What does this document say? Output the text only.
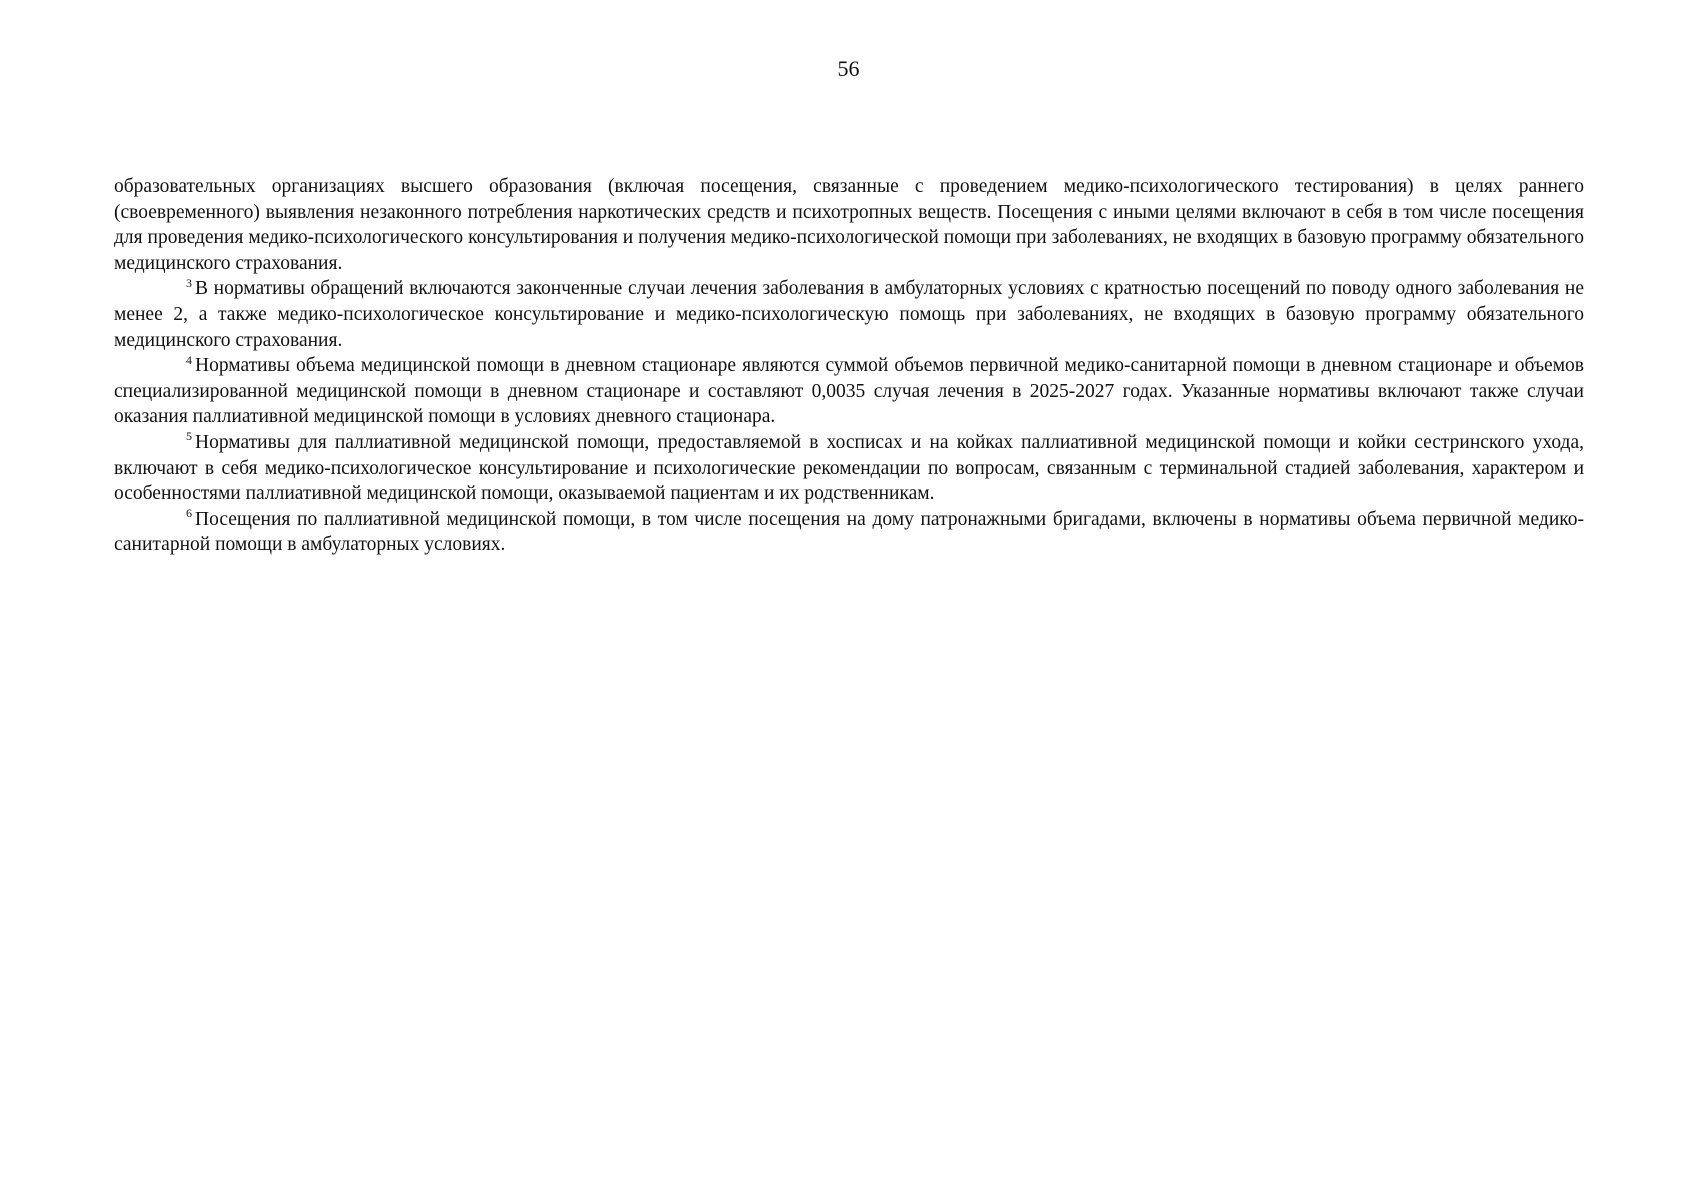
56

образовательных организациях высшего образования (включая посещения, связанные с проведением медико-психологического тестирования) в целях раннего (своевременного) выявления незаконного потребления наркотических средств и психотропных веществ. Посещения с иными целями включают в себя в том числе посещения для проведения медико-психологического консультирования и получения медико-психологической помощи при заболеваниях, не входящих в базовую программу обязательного медицинского страхования.

$^3$ В нормативы обращений включаются законченные случаи лечения заболевания в амбулаторных условиях с кратностью посещений по поводу одного заболевания не менее 2, а также медико-психологическое консультирование и медико-психологическую помощь при заболеваниях, не входящих в базовую программу обязательного медицинского страхования.

$^4$ Нормативы объема медицинской помощи в дневном стационаре являются суммой объемов первичной медико-санитарной помощи в дневном стационаре и объемов специализированной медицинской помощи в дневном стационаре и составляют 0,0035 случая лечения в 2025-2027 годах. Указанные нормативы включают также случаи оказания паллиативной медицинской помощи в условиях дневного стационара.

$^5$ Нормативы для паллиативной медицинской помощи, предоставляемой в хосписах и на койках паллиативной медицинской помощи и койки сестринского ухода, включают в себя медико-психологическое консультирование и психологические рекомендации по вопросам, связанным с терминальной стадией заболевания, характером и особенностями паллиативной медицинской помощи, оказываемой пациентам и их родственникам.

$^6$ Посещения по паллиативной медицинской помощи, в том числе посещения на дому патронажными бригадами, включены в нормативы объема первичной медико-санитарной помощи в амбулаторных условиях.
